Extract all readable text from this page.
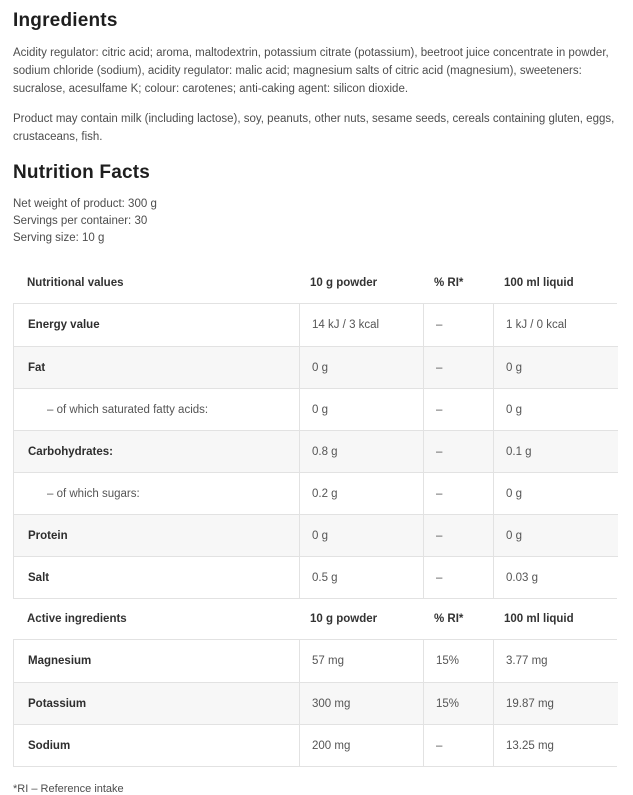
Ingredients

Acidity regulator: citric acid; aroma, maltodextrin, potassium citrate (potassium), beetroot juice concentrate in powder, sodium chloride (sodium), acidity regulator: malic acid; magnesium salts of citric acid (magnesium), sweeteners: sucralose, acesulfame K; colour: carotenes; anti-caking agent: silicon dioxide.

Product may contain milk (including lactose), soy, peanuts, other nuts, sesame seeds, cereals containing gluten, eggs, crustaceans, fish.

Nutrition Facts
Net weight of product: 300 g
Servings per container: 30
Serving size: 10 g
Nutritional values	10 g powder	% RI*	100 ml liquid
Energy value	14 kJ / 3 kcal	–	1 kJ / 0 kcal
Fat	0 g	–	0 g
– of which saturated fatty acids:	0 g	–	0 g
Carbohydrates:	0.8 g	–	0.1 g
– of which sugars:	0.2 g	–	0 g
Protein	0 g	–	0 g
Salt	0.5 g	–	0.03 g
Active ingredients	10 g powder	% RI*	100 ml liquid
Magnesium	57 mg	15%	3.77 mg
Potassium	300 mg	15%	19.87 mg
Sodium	200 mg	–	13.25 mg
*RI – Reference intake
